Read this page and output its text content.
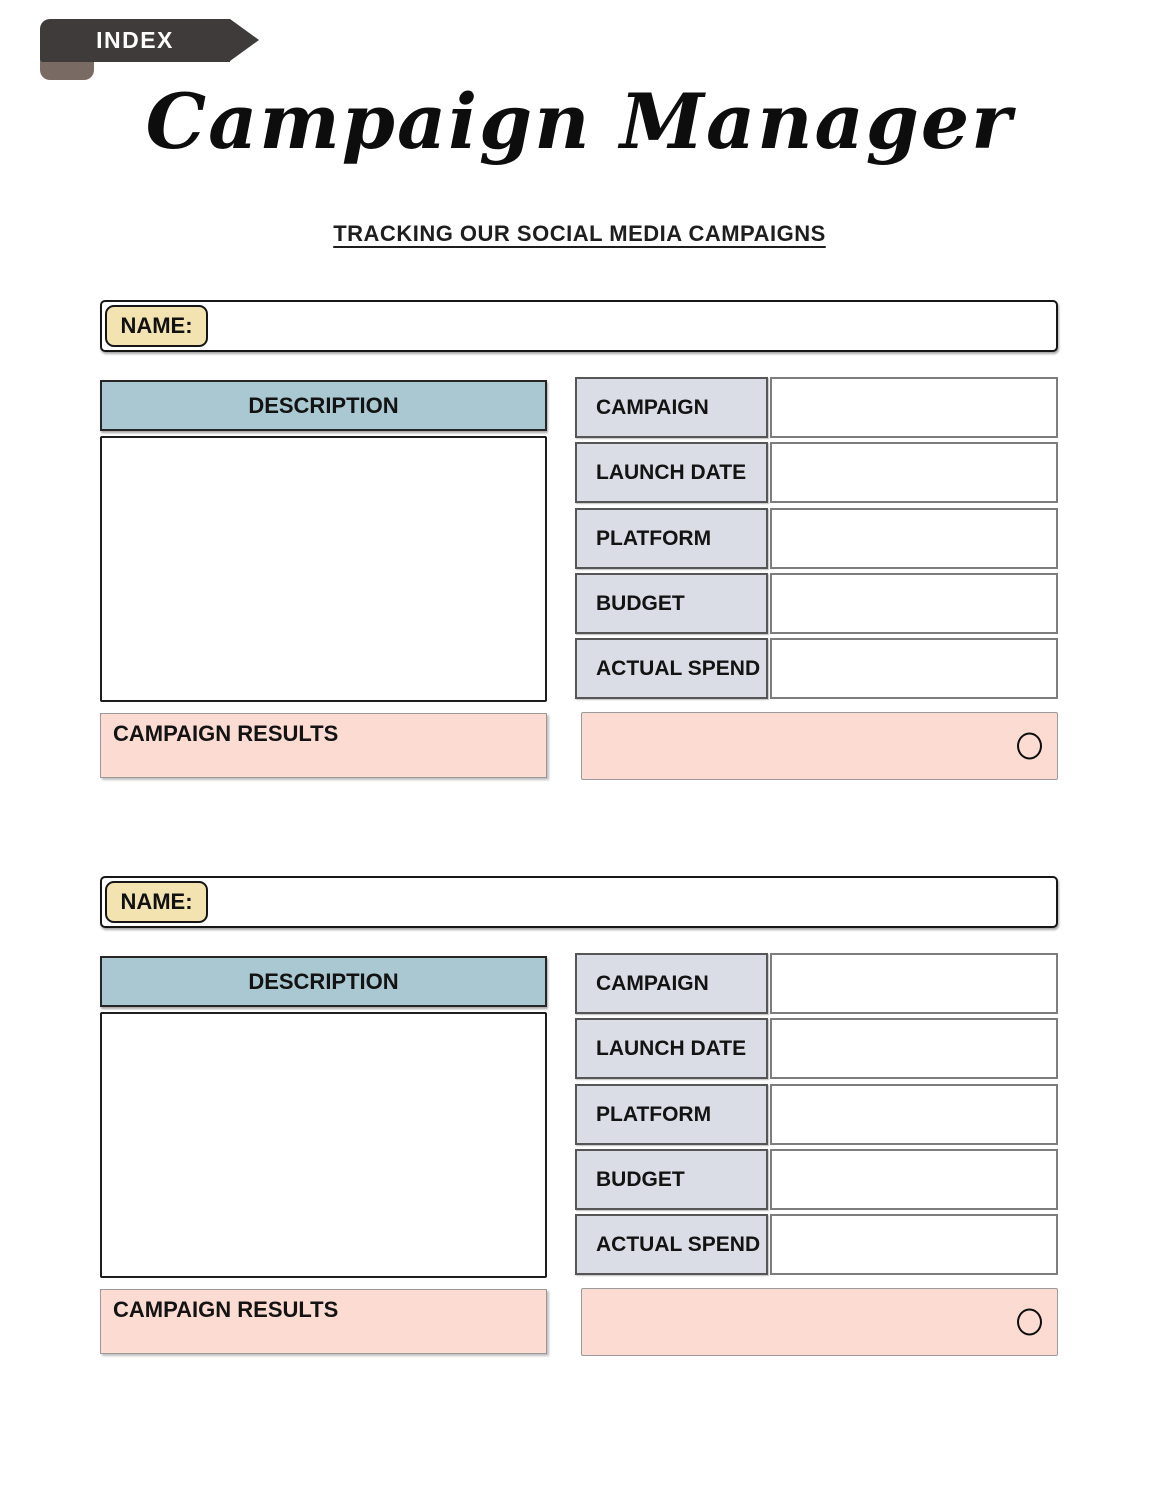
INDEX
Campaign Manager
TRACKING OUR SOCIAL MEDIA CAMPAIGNS
NAME:
DESCRIPTION
CAMPAIGN RESULTS
CAMPAIGN
LAUNCH DATE
PLATFORM
BUDGET
ACTUAL SPEND
NAME:
DESCRIPTION
CAMPAIGN RESULTS
CAMPAIGN
LAUNCH DATE
PLATFORM
BUDGET
ACTUAL SPEND
